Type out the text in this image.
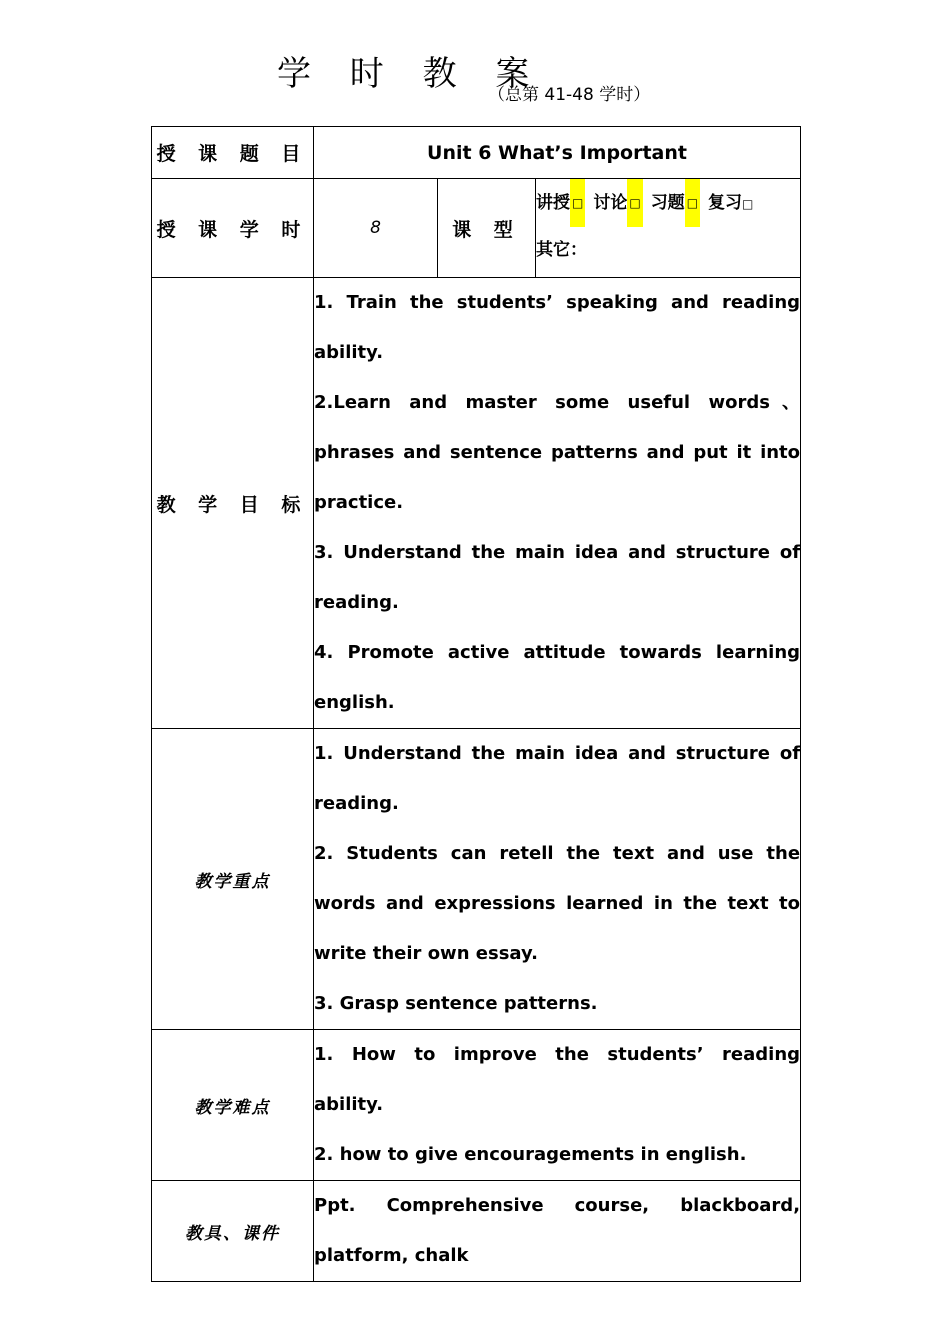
学 时 教 案
（总第 41-48 学时）
授 课 题 目	Unit 6 What’s Important		
授 课 学 时	8	课 型	讲授 □ 讨论 □ 习题 □ 复习□
其它：

教 学 目 标	1. Train the students’ speaking and reading ability.

2.Learn and master some useful words、phrases and sentence patterns and put it into practice.

3. Understand the main idea and structure of reading.

4. Promote active attitude towards learning english.		

教学重点	1. Understand the main idea and structure of reading.

2. Students can retell the text and use the words and expressions learned in the text to write their own essay.

3. Grasp sentence patterns.		

教学难点	1. How to improve the students’ reading ability.

2. how to give encouragements in english.		

教具、课件	Ppt. Comprehensive course, blackboard, platform, chalk		
